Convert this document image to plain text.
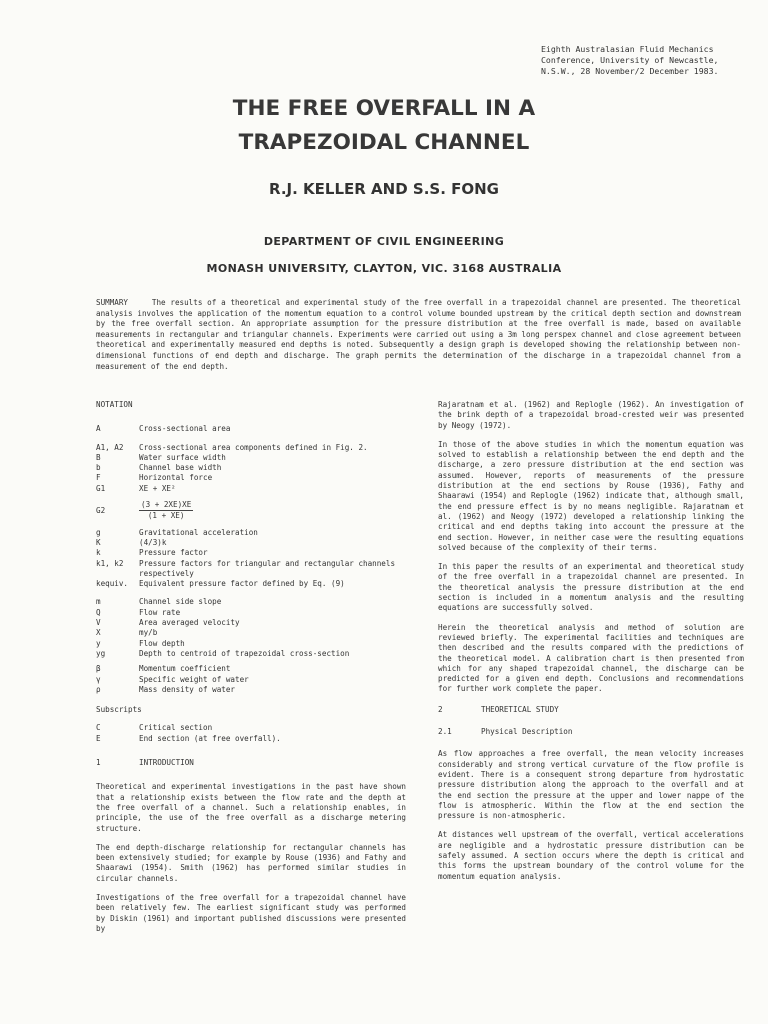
Eighth Australasian Fluid Mechanics
Conference, University of Newcastle,
N.S.W., 28 November/2 December 1983.
THE FREE OVERFALL IN A
TRAPEZOIDAL CHANNEL
R.J. KELLER AND S.S. FONG
DEPARTMENT OF CIVIL ENGINEERING
MONASH UNIVERSITY, CLAYTON, VIC. 3168 AUSTRALIA
SUMMARY	The results of a theoretical and experimental study of the free overfall in a trapezoidal channel are presented. The theoretical analysis involves the application of the momentum equation to a control volume bounded upstream by the critical depth section and downstream by the free overfall section. An appropriate assumption for the pressure distribution at the free overfall is made, based on available measurements in rectangular and triangular channels. Experiments were carried out using a 3m long perspex channel and close agreement between theoretical and experimentally measured end depths is noted. Subsequently a design graph is developed showing the relationship between non-dimensional functions of end depth and discharge. The graph permits the determination of the discharge in a trapezoidal channel from a measurement of the end depth.
NOTATION
A	Cross-sectional area
A1, A2	Cross-sectional area components defined in Fig. 2.
B	Water surface width
b	Channel base width
F	Horizontal force
G1	XE + XE²
G2	$\frac{(3 + 2XE)XE}{(1 + XE)}$
g	Gravitational acceleration
K	(4/3)k
k	Pressure factor
k1, k2	Pressure factors for triangular and rectangular channels respectively
kequiv.	Equivalent pressure factor defined by Eq. (9)
m	Channel side slope
Q	Flow rate
V	Area averaged velocity
X	my/b
y	Flow depth
yg	Depth to centroid of trapezoidal cross-section
β	Momentum coefficient
γ	Specific weight of water
ρ	Mass density of water
Subscripts
C	Critical section
E	End section (at free overfall).
1	INTRODUCTION

Theoretical and experimental investigations in the past have shown that a relationship exists between the flow rate and the depth at the free overfall of a channel. Such a relationship enables, in principle, the use of the free overfall as a discharge metering structure.

The end depth-discharge relationship for rectangular channels has been extensively studied; for example by Rouse (1936) and Fathy and Shaarawi (1954). Smith (1962) has performed similar studies in circular channels.

Investigations of the free overfall for a trapezoidal channel have been relatively few. The earliest significant study was performed by Diskin (1961) and important published discussions were presented by

Rajaratnam et al. (1962) and Replogle (1962). An investigation of the brink depth of a trapezoidal broad-crested weir was presented by Neogy (1972).

In those of the above studies in which the momentum equation was solved to establish a relationship between the end depth and the discharge, a zero pressure distribution at the end section was assumed. However, reports of measurements of the pressure distribution at the end sections by Rouse (1936), Fathy and Shaarawi (1954) and Replogle (1962) indicate that, although small, the end pressure effect is by no means negligible. Rajaratnam et al. (1962) and Neogy (1972) developed a relationship linking the critical and end depths taking into account the pressure at the end section. However, in neither case were the resulting equations solved because of the complexity of their terms.

In this paper the results of an experimental and theoretical study of the free overfall in a trapezoidal channel are presented. In the theoretical analysis the pressure distribution at the end section is included in a momentum analysis and the resulting equations are successfully solved.

Herein the theoretical analysis and method of solution are reviewed briefly. The experimental facilities and techniques are then described and the results compared with the predictions of the theoretical model. A calibration chart is then presented from which for any shaped trapezoidal channel, the discharge can be predicted for a given end depth. Conclusions and recommendations for further work complete the paper.

2	THEORETICAL STUDY
2.1	Physical Description

As flow approaches a free overfall, the mean velocity increases considerably and strong vertical curvature of the flow profile is evident. There is a consequent strong departure from hydrostatic pressure distribution along the approach to the overfall and at the end section the pressure at the upper and lower nappe of the flow is atmospheric. Within the flow at the end section the pressure is non-atmospheric.

At distances well upstream of the overfall, vertical accelerations are negligible and a hydrostatic pressure distribution can be safely assumed. A section occurs where the depth is critical and this forms the upstream boundary of the control volume for the momentum equation analysis.
